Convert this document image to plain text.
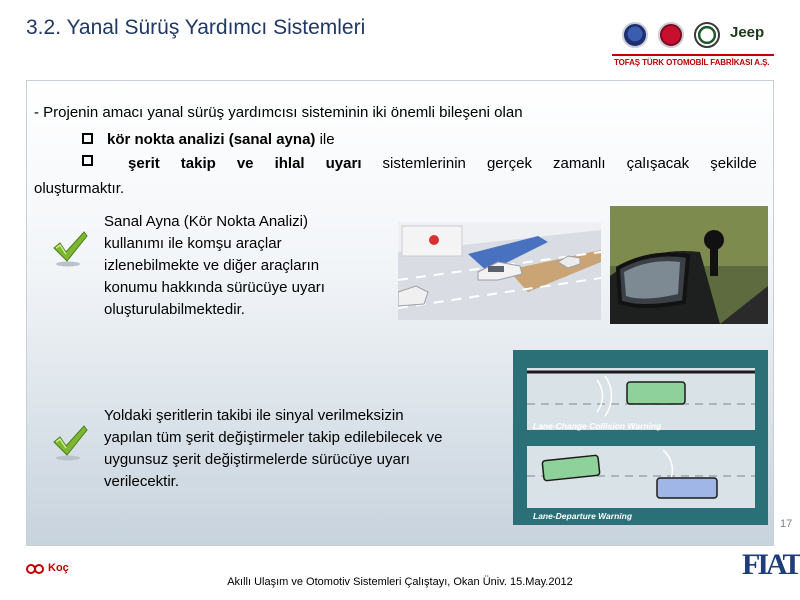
3.2. Yanal Sürüş Yardımcı Sistemleri	Jeep
TOFAŞ TÜRK OTOMOBİL FABRİKASI A.Ş.
- Projenin amacı yanal sürüş yardımcısı sisteminin iki önemli bileşeni olan
kör nokta analizi (sanal ayna) ile
şerit takip ve ihlal uyarı sistemlerinin gerçek zamanlı çalışacak şekilde
oluşturmaktır.
Sanal Ayna (Kör Nokta Analizi)
kullanımı ile komşu araçlar
izlenebilmekte ve diğer araçların
konumu hakkında sürücüye uyarı
oluşturulabilmektedir.
Yoldaki şeritlerin takibi ile sinyal verilmeksizin
yapılan tüm şerit değiştirmeler takip edilebilecek ve
uygunsuz şerit değiştirmelerde sürücüye uyarı
verilecektir.
Lane-Change Collision Warning
Lane-Departure Warning
17
Koç
Akıllı Ulaşım ve Otomotiv Sistemleri Çalıştayı, Okan Üniv. 15.May.2012
FIAT
